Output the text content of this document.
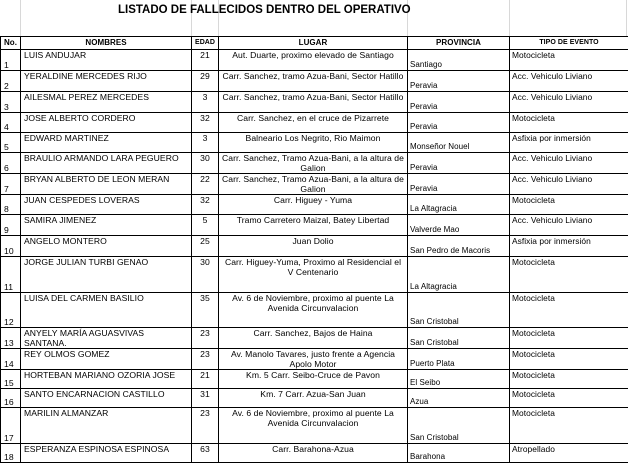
LISTADO DE FALLECIDOS DENTRO DEL OPERATIVO
No.	NOMBRES	EDAD	LUGAR	PROVINCIA	TIPO DE EVENTO
1	LUIS ANDUJAR	21	Aut. Duarte, proximo elevado de Santiago	Santiago	Motocicleta
2	YERALDINE MERCEDES RIJO	29	Carr. Sanchez, tramo Azua-Bani, Sector Hatillo	Peravia	Acc. Vehiculo Liviano
3	AILESMAL PEREZ MERCEDES	3	Carr. Sanchez, tramo Azua-Bani, Sector Hatillo	Peravia	Acc. Vehiculo Liviano
4	JOSE ALBERTO CORDERO	32	Carr. Sanchez, en el cruce de Pizarrete	Peravia	Motocicleta
5	EDWARD MARTINEZ	3	Balneario Los Negrito, Rio Maimon	Monseñor Nouel	Asfixia por inmersión
6	BRAULIO ARMANDO LARA PEGUERO	30	Carr. Sanchez, Tramo Azua-Bani, a la altura de Galion	Peravia	Acc. Vehiculo Liviano
7	BRYAN ALBERTO DE LEON MERAN	22	Carr. Sanchez, Tramo Azua-Bani, a la altura de Galion	Peravia	Acc. Vehiculo Liviano
8	JUAN CESPEDES LOVERAS	32	Carr. Higuey - Yuma	La Altagracia	Motocicleta
9	SAMIRA JIMENEZ	5	Tramo Carretero Maizal, Batey Libertad	Valverde Mao	Acc. Vehiculo Liviano
10	ANGELO MONTERO	25	Juan Dolio	San Pedro de Macoris	Asfixia por inmersión
11	JORGE JULIAN TURBI GENAO	30	Carr. Higuey-Yuma, Proximo al Residencial el V Centenario	La Altagracia	Motocicleta
12	LUISA DEL CARMEN BASILIO	35	Av. 6 de Noviembre, proximo al puente La Avenida Circunvalacion	San Cristobal	Motocicleta
13	ANYELY MARÍA AGUASVIVAS SANTANA.	23	Carr. Sanchez, Bajos de Haina	San Cristobal	Motocicleta
14	REY OLMOS GOMEZ	23	Av. Manolo Tavares, justo frente a Agencia Apolo Motor	Puerto Plata	Motocicleta
15	HORTEBAN MARIANO OZORIA JOSE	21	Km. 5 Carr. Seibo-Cruce de Pavon	El Seibo	Motocicleta
16	SANTO ENCARNACION CASTILLO	31	Km. 7 Carr. Azua-San Juan	Azua	Motocicleta
17	MARILIN ALMANZAR	23	Av. 6 de Noviembre, proximo al puente La Avenida Circunvalacion	San Cristobal	Motocicleta
18	ESPERANZA ESPINOSA ESPINOSA	63	Carr. Barahona-Azua	Barahona	Atropellado
